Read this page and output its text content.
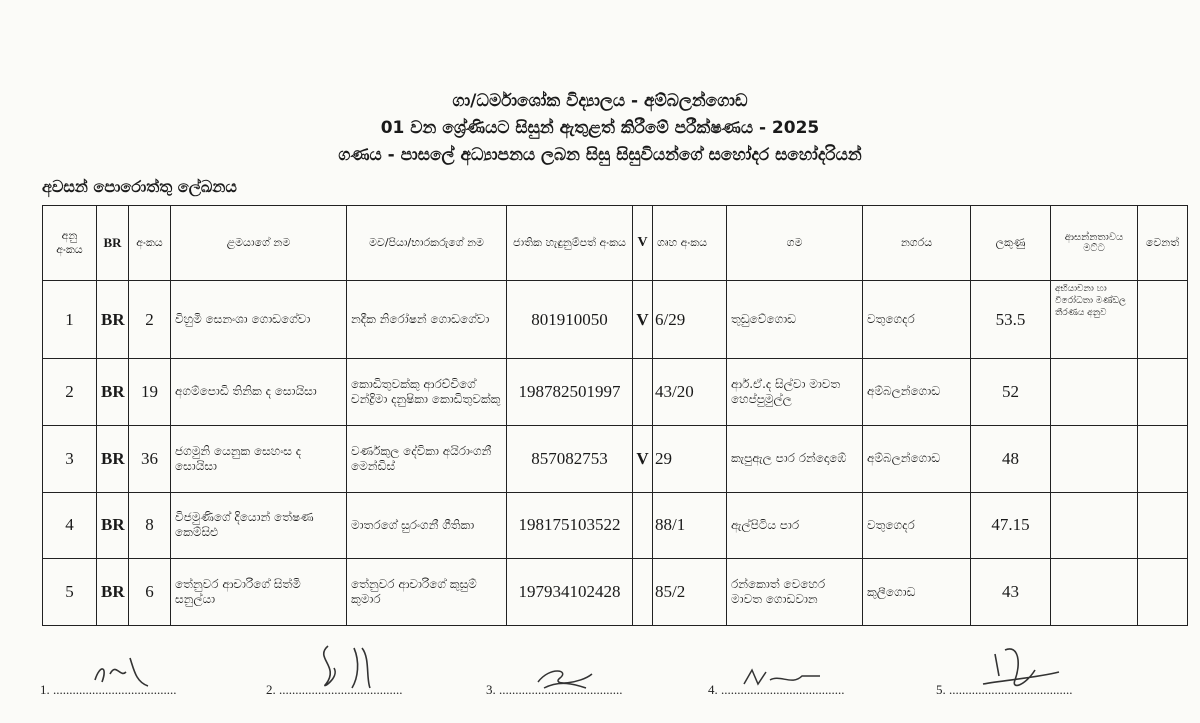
ගා/ධර්මාශෝක විද්‍යාලය - අම්බලන්ගොඩ
01 වන ශ්‍රේණියට සිසුන් ඇතුළත් කිරීමේ පරීක්ෂණය - 2025
ගණය - පාසලේ අධ්‍යාපනය ලබන සිසු සිසුවියන්ගේ සහෝදර සහෝදරියන්
අවසන් පොරොත්තු ලේඛනය
අනු අංකය	BR	අංකය	ළමයාගේ නම	මව/පියා/භාරකරුගේ නම	ජාතික හැඳුනුම්පත් අංකය	V	ගෘහ අංකය	ගම	නගරය	ලකුණු	ආසන්නතාවය මට්ට	වෙනත්
1	BR	2	විහුමි සෙනංශා ගොඩගේවා	නදීක නිරෝෂන් ගොඩගේවා	801910050	V	6/29	තුඩුවේගොඩ	වතුගෙදර	53.5	අභියාචනා හා විරෝධතා මණ්ඩල තීරණය අනුව	
2	BR	19	අගම්පොඩි තිනික ද සොයිසා	කොඩිතුවක්කු ආරච්චිගේ චන්ද්‍රිමා දනුෂිකා කොඩිතුවක්කු	198782501997		43/20	ආර්.ඒ.ද සිල්වා මාවත හෙප්පුමුල්ල	අම්බලන්ගොඩ	52		
3	BR	36	ජගමුනි යෙනුක සෙහංස ද සොයිසා	වර්ණකුල දේවිකා අයිරාංගනී මෙන්ඩිස්	857082753	V	29	කැපුඇල පාර රන්දොඹේ	අම්බලන්ගොඩ	48		
4	BR	8	විජමුණිගේ දියොන් තේෂණ කෙම්සිළු	මාතරගේ සුරංගනී ගීතිකා	198175103522		88/1	ඇල්පිටිය පාර	වතුගෙදර	47.15		
5	BR	6	තේනුවර ආචාරිගේ සිත්මි සනුල්යා	තේනුවර ආචාරිගේ කුසුම් කුමාර	197934102428		85/2	රන්කොත් වෙහෙර මාවත ගොඩවාන	කුලීගොඩ	43		
1. ......................................	2. ......................................	3. ......................................	4. ......................................	5. ......................................
